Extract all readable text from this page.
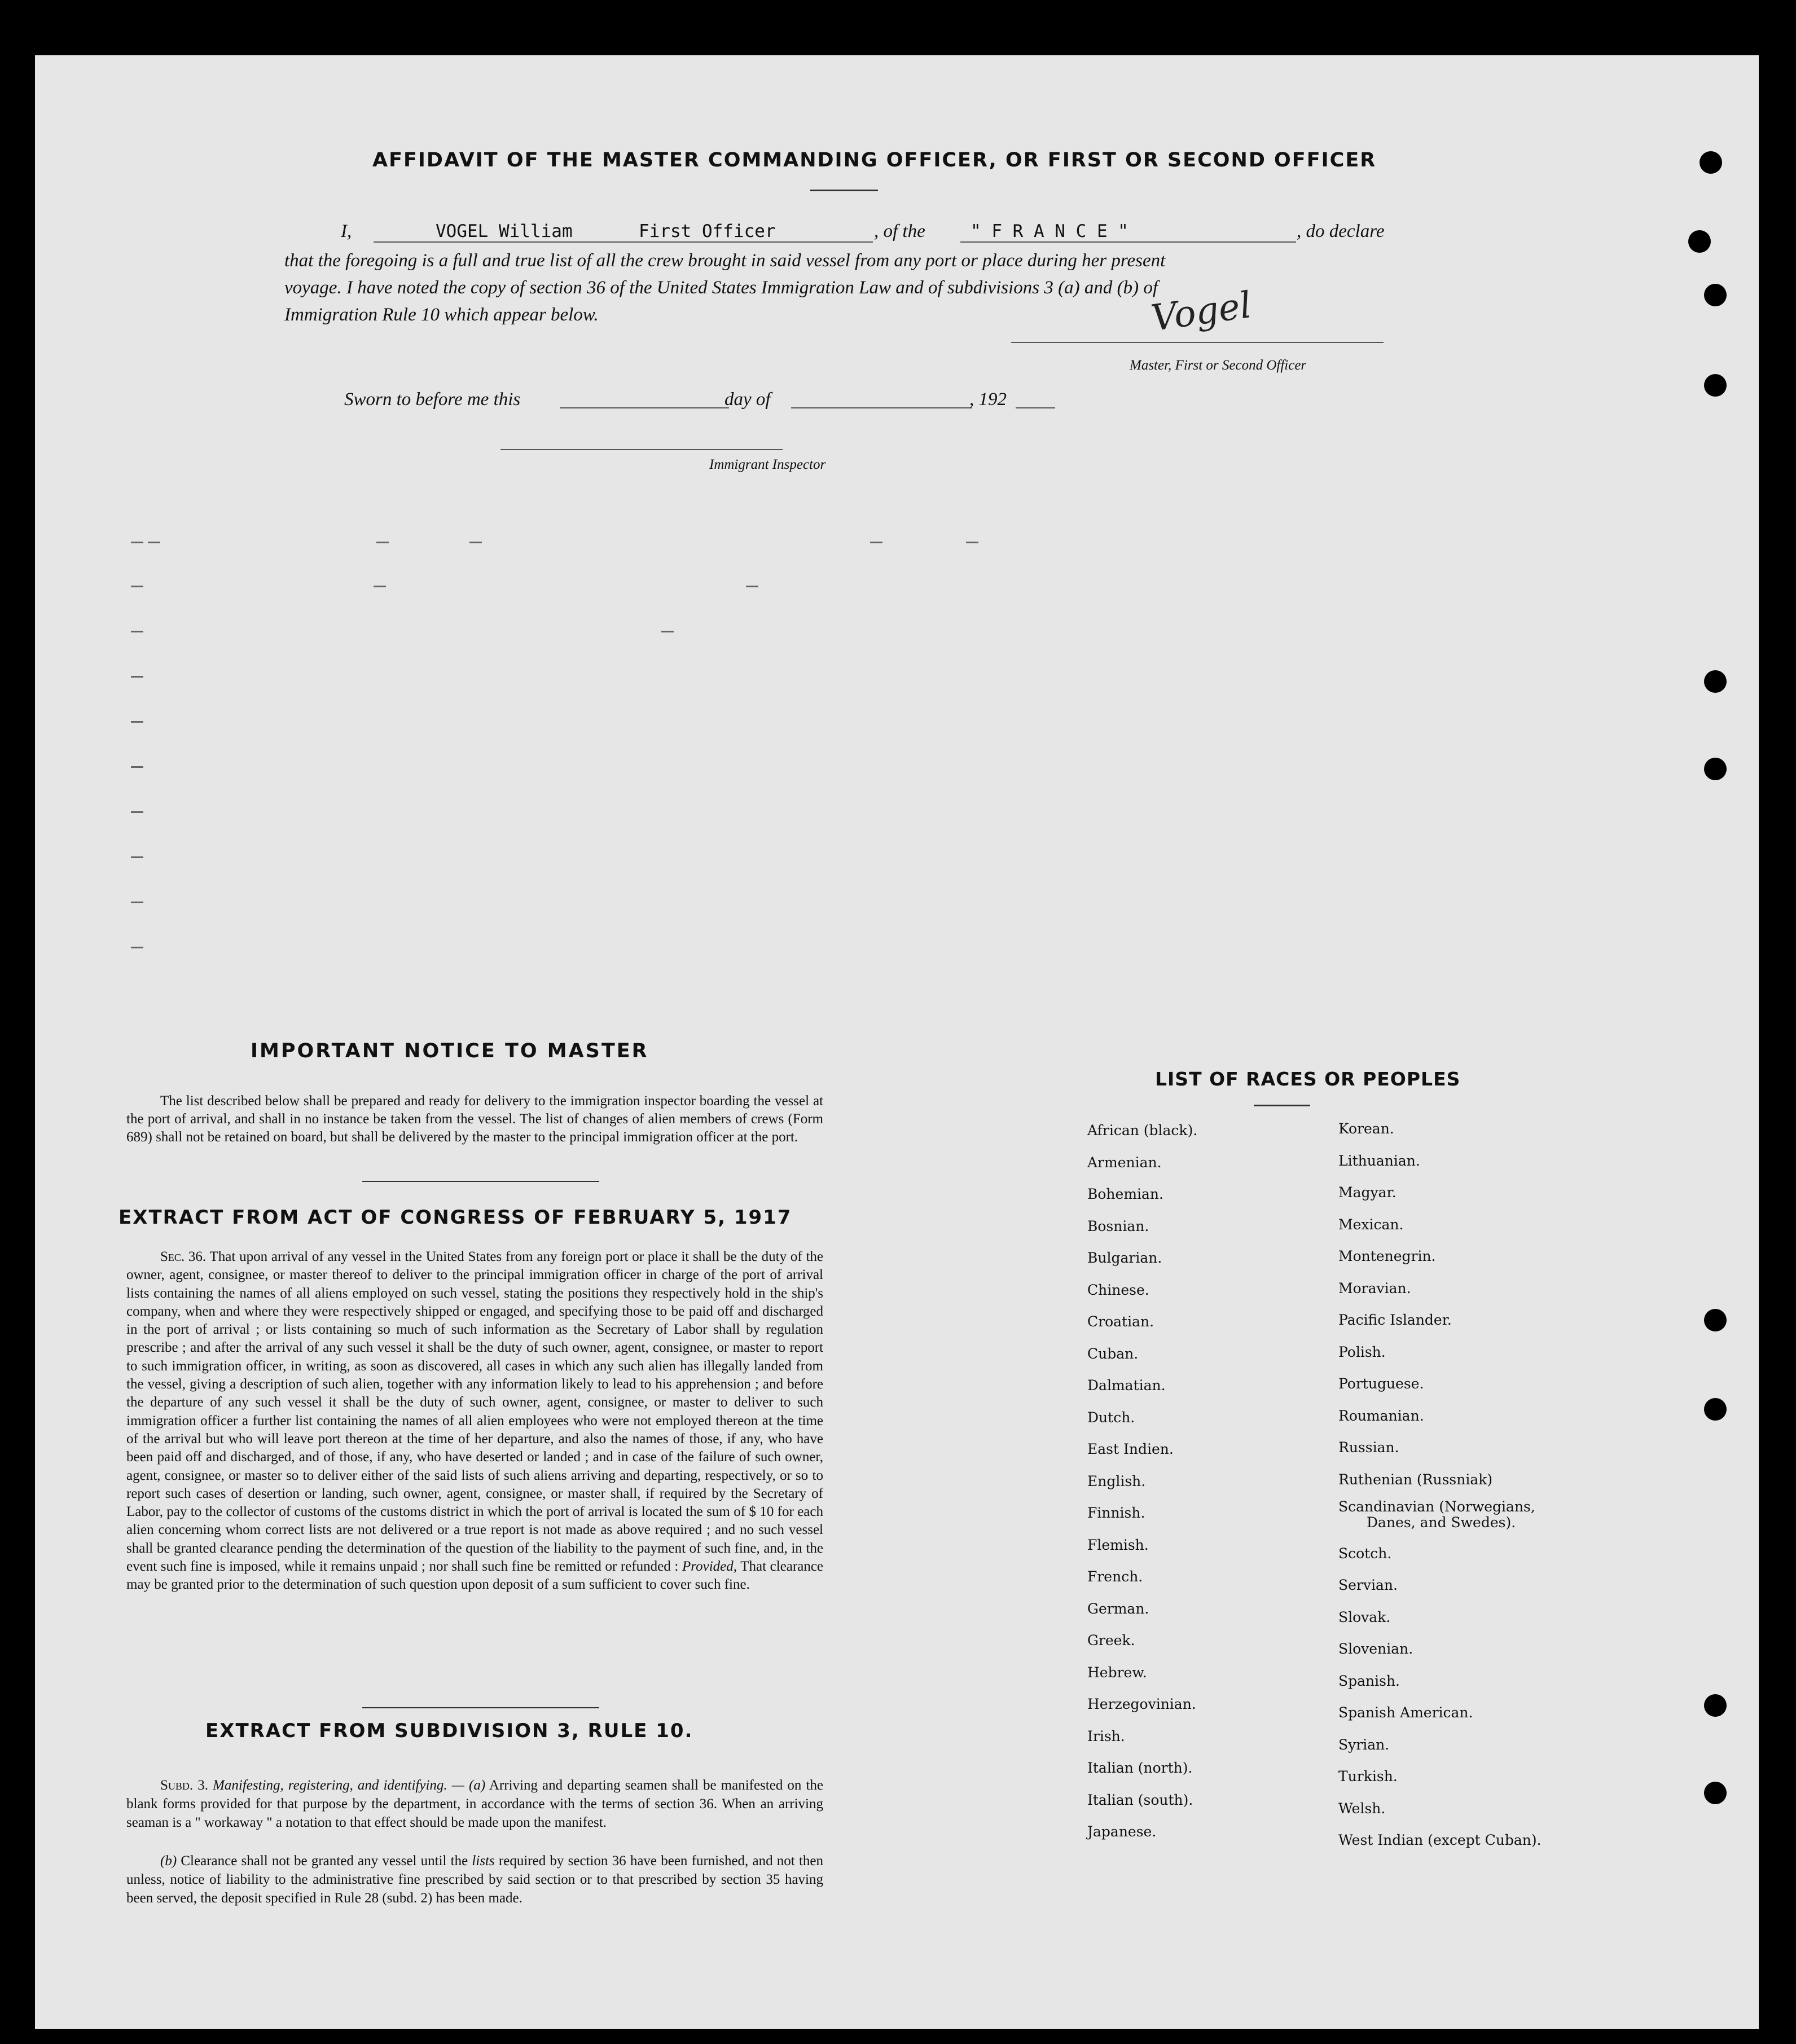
AFFIDAVIT OF THE MASTER COMMANDING OFFICER, OR FIRST OR SECOND OFFICER
I,	VOGEL William	First Officer	, of the	" F R A N C E "	, do declare
that the foregoing is a full and true list of all the crew brought in said vessel from any port or place during her present
voyage. I have noted the copy of section 36 of the United States Immigration Law and of subdivisions 3 (a) and (b) of
Immigration Rule 10 which appear below.	Vogel
Master, First or Second Officer
Sworn to before me this	day of	, 192
Immigrant Inspector
IMPORTANT NOTICE TO MASTER
The list described below shall be prepared and ready for delivery to the immigration inspector boarding the vessel at the port of arrival, and shall in no instance be taken from the vessel. The list of changes of alien members of crews (Form 689) shall not be retained on board, but shall be delivered by the master to the principal immigration officer at the port.
EXTRACT FROM ACT OF CONGRESS OF FEBRUARY 5, 1917
Sec. 36. That upon arrival of any vessel in the United States from any foreign port or place it shall be the duty of the owner, agent, consignee, or master thereof to deliver to the principal immigration officer in charge of the port of arrival lists containing the names of all aliens employed on such vessel, stating the positions they respectively hold in the ship's company, when and where they were respectively shipped or engaged, and specifying those to be paid off and discharged in the port of arrival ; or lists containing so much of such information as the Secretary of Labor shall by regulation prescribe ; and after the arrival of any such vessel it shall be the duty of such owner, agent, consignee, or master to report to such immigration officer, in writing, as soon as discovered, all cases in which any such alien has illegally landed from the vessel, giving a description of such alien, together with any information likely to lead to his apprehension ; and before the departure of any such vessel it shall be the duty of such owner, agent, consignee, or master to deliver to such immigration officer a further list containing the names of all alien employees who were not employed thereon at the time of the arrival but who will leave port thereon at the time of her departure, and also the names of those, if any, who have been paid off and discharged, and of those, if any, who have deserted or landed ; and in case of the failure of such owner, agent, consignee, or master so to deliver either of the said lists of such aliens arriving and departing, respectively, or so to report such cases of desertion or landing, such owner, agent, consignee, or master shall, if required by the Secretary of Labor, pay to the collector of customs of the customs district in which the port of arrival is located the sum of $ 10 for each alien concerning whom correct lists are not delivered or a true report is not made as above required ; and no such vessel shall be granted clearance pending the determination of the question of the liability to the payment of such fine, and, in the event such fine is imposed, while it remains unpaid ; nor shall such fine be remitted or refunded : Provided, That clearance may be granted prior to the determination of such question upon deposit of a sum sufficient to cover such fine.
EXTRACT FROM SUBDIVISION 3, RULE 10.
Subd. 3. Manifesting, registering, and identifying. — (a) Arriving and departing seamen shall be manifested on the blank forms provided for that purpose by the department, in accordance with the terms of section 36. When an arriving seaman is a " workaway " a notation to that effect should be made upon the manifest.
(b) Clearance shall not be granted any vessel until the lists required by section 36 have been furnished, and not then unless, notice of liability to the administrative fine prescribed by said section or to that prescribed by section 35 having been served, the deposit specified in Rule 28 (subd. 2) has been made.
LIST OF RACES OR PEOPLES
African (black).
Armenian.
Bohemian.
Bosnian.
Bulgarian.
Chinese.
Croatian.
Cuban.
Dalmatian.
Dutch.
East Indien.
English.
Finnish.
Flemish.
French.
German.
Greek.
Hebrew.
Herzegovinian.
Irish.
Italian (north).
Italian (south).
Japanese.
Korean.
Lithuanian.
Magyar.
Mexican.
Montenegrin.
Moravian.
Pacific Islander.
Polish.
Portuguese.
Roumanian.
Russian.
Ruthenian (Russniak)
Scandinavian (Norwegians,
Danes, and Swedes).
Scotch.
Servian.
Slovak.
Slovenian.
Spanish.
Spanish American.
Syrian.
Turkish.
Welsh.
West Indian (except Cuban).
